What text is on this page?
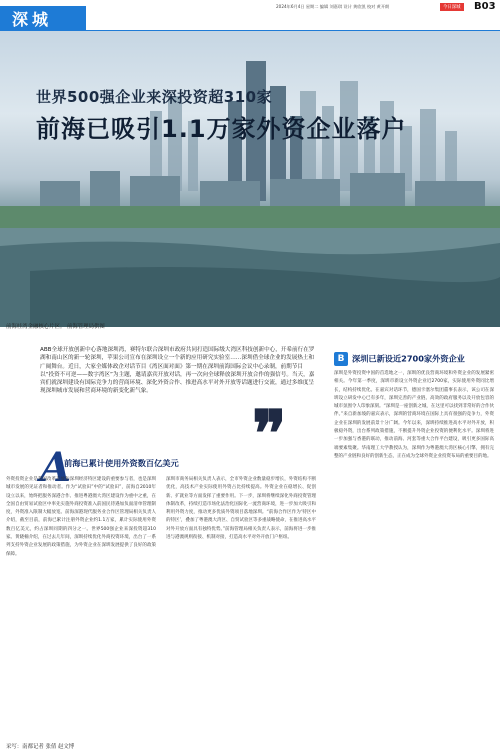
深城
2024年6月4日 星期二 编辑 刘嘉琪 设计 黄欣凯 校对 黄开朗	今日深城	B03
世界500强企业来深投资超310家
前海已吸引1.1万家外资企业落户
前海桂湾金融核心片区。 前海管理局供图
ABB全球开放创新中心落地深圳湾，赛特尔联合深圳市政府共同打造国际级大湾区科技创新中心，开希前行在罗湖和南山区的新一轮深圳，苹果公司宣布在深圳设立一个新的应用研究实验室……深圳借全球企业的发展热土和广阔舞台。近日，大家全媒体政企对话节目《湾区面对面》第一期在深圳前海国际会议中心录制，前期节目以“投资不可逆——数字湾区”为主题，邀请嘉宾开放对话，再一次向全球释放深圳开放合作的强信号。当天，嘉宾们就深圳建设有国际竞争力的营商环境、深化外资合作、推进高水平对外开放等话题进行交流，通过多维度呈现深圳城市发展和营商环境的新变化新气象。
❞
B 深圳已新设近2700家外资企业
A
前海已累计使用外资数百亿美元
外资投资企业是我国改革开放和深圳经济特区建设的重要参与者，也是深圳城市发展的见证者和推动者。作为“试验田”中的“试验田”，前海自2010年设立以来，始终把服务深港合作、推进粤港澳大湾区建设作为重中之重，在全国自由贸易试验区中率先实施外商投资准入前国民待遇加负面清单管理制度，外资准入限制大幅放宽。前海深港现代服务业合作区管理局相关负责人介绍，截至目前，前海已累计注册外资企业约1.1万家，累计实际使用外资数百亿美元，约占深圳同期的四分之一。世界500强企业来深投资超310家。黄晓楠介绍，在过去几年间，深圳持续优化外商投资环境，出台了一系列支持外资企业发展的政策措施，为外资企业在深圳发展提供了良好的政策保障。
深圳市商务局相关负责人表示，全市外资企业数量稳步增长，外资结构不断优化，高技术产业实际使用外资占比持续提高。外资企业在稳增长、促创新、扩就业等方面发挥了重要作用。下一步，深圳将继续深化外商投资管理体制改革，持续打造市场化法治化国际化一流营商环境，进一步加大吸引和利用外资力度，推动更多优质外资项目落地深圳。“前海合作区作为‘特区中的特区’，叠加了粤港澳大湾区、自贸试验区等多重战略使命，在推进高水平对外开放方面具有独特优势。”前海管理局相关负责人表示，前海将进一步推进与港澳规则衔接、机制对接，打造高水平对外开放门户枢纽。
深圳是外资投资中国的首选地之一，深圳的优良营商环境和外资企业的发展紧密相关。今年第一季度，深圳市新设立外资企业近2700家，实际使用外资同比增长，结构持续优化。在嘉宾对话环节，德国卡塞尔集团董事长表示，该公司在深圳设立研发中心已有多年，深圳完善的产业链、高效的政府服务以及开放包容的城市氛围令人印象深刻。“深圳是一座创新之城，在这里可以找到非常好的合作伙伴。”来自新加坡的嘉宾表示，深圳的营商环境在国际上具有很强的竞争力，外资企业在深圳的发展前景十分广阔。今年以来，深圳持续推进高水平对外开放，积极稳外资，出台系列政策措施，不断提升外资企业投资的便利化水平。深圳将进一步加强与香港的联动，推动前海、河套等重大合作平台建设，吸引更多国际高端要素集聚。华南理工大学教授认为，深圳作为粤港澳大湾区核心引擎，拥有完整的产业链和良好的创新生态，正在成为全球外资企业投资布局的重要目的地。
采写：南都记者 张倩 赵文博
